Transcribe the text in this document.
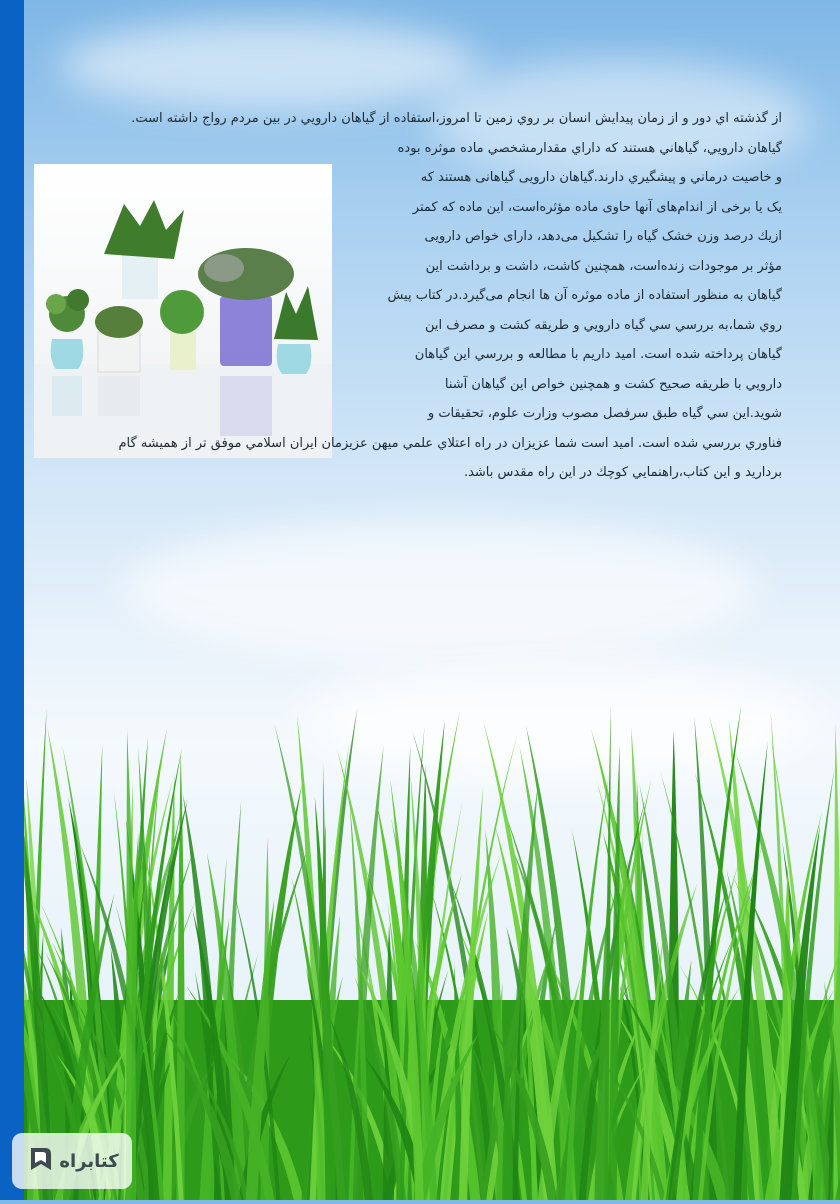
از گذشته اي دور و از زمان پيدايش انسان بر روي زمين تا امروز،استفاده از گياهان دارويي در بين مردم رواج داشته است.
گياهان دارويي، گياهاني هستند كه داراي مقدارمشخصي ماده موثره بوده
و خاصيت درماني و پيشگيري دارند.گیاهان دارویی گیاهانی هستند که
یک یا برخی از اندام‌های آنها حاوی ماده مؤثره‌است، این ماده که کمتر
ازیك درصد وزن خشک گیاه را تشکیل می‌دهد، دارای خواص دارویی
مؤثر بر موجودات زنده‌است، همچنین كاشت، داشت و برداشت اين
گياهان به منظور استفاده از ماده موثره آن ها انجام می‌گیرد.در كتاب پيش
روي شما،به بررسي سي گياه دارويي و طريقه كشت و مصرف اين
گياهان پرداخته شده است. اميد داريم با مطالعه و بررسي اين گياهان
دارويي با طريقه صحيح كشت و همچنين خواص اين گياهان آشنا
شويد.اين سي گياه طبق سرفصل مصوب وزارت علوم، تحقيقات و
فناوري بررسي شده است. اميد است شما عزيزان در راه اعتلاي علمي ميهن عزيزمان ايران اسلامي موفق تر از هميشه گام
برداريد و اين كتاب،راهنمايي كوچك در اين راه مقدس باشد.
کتابراه
